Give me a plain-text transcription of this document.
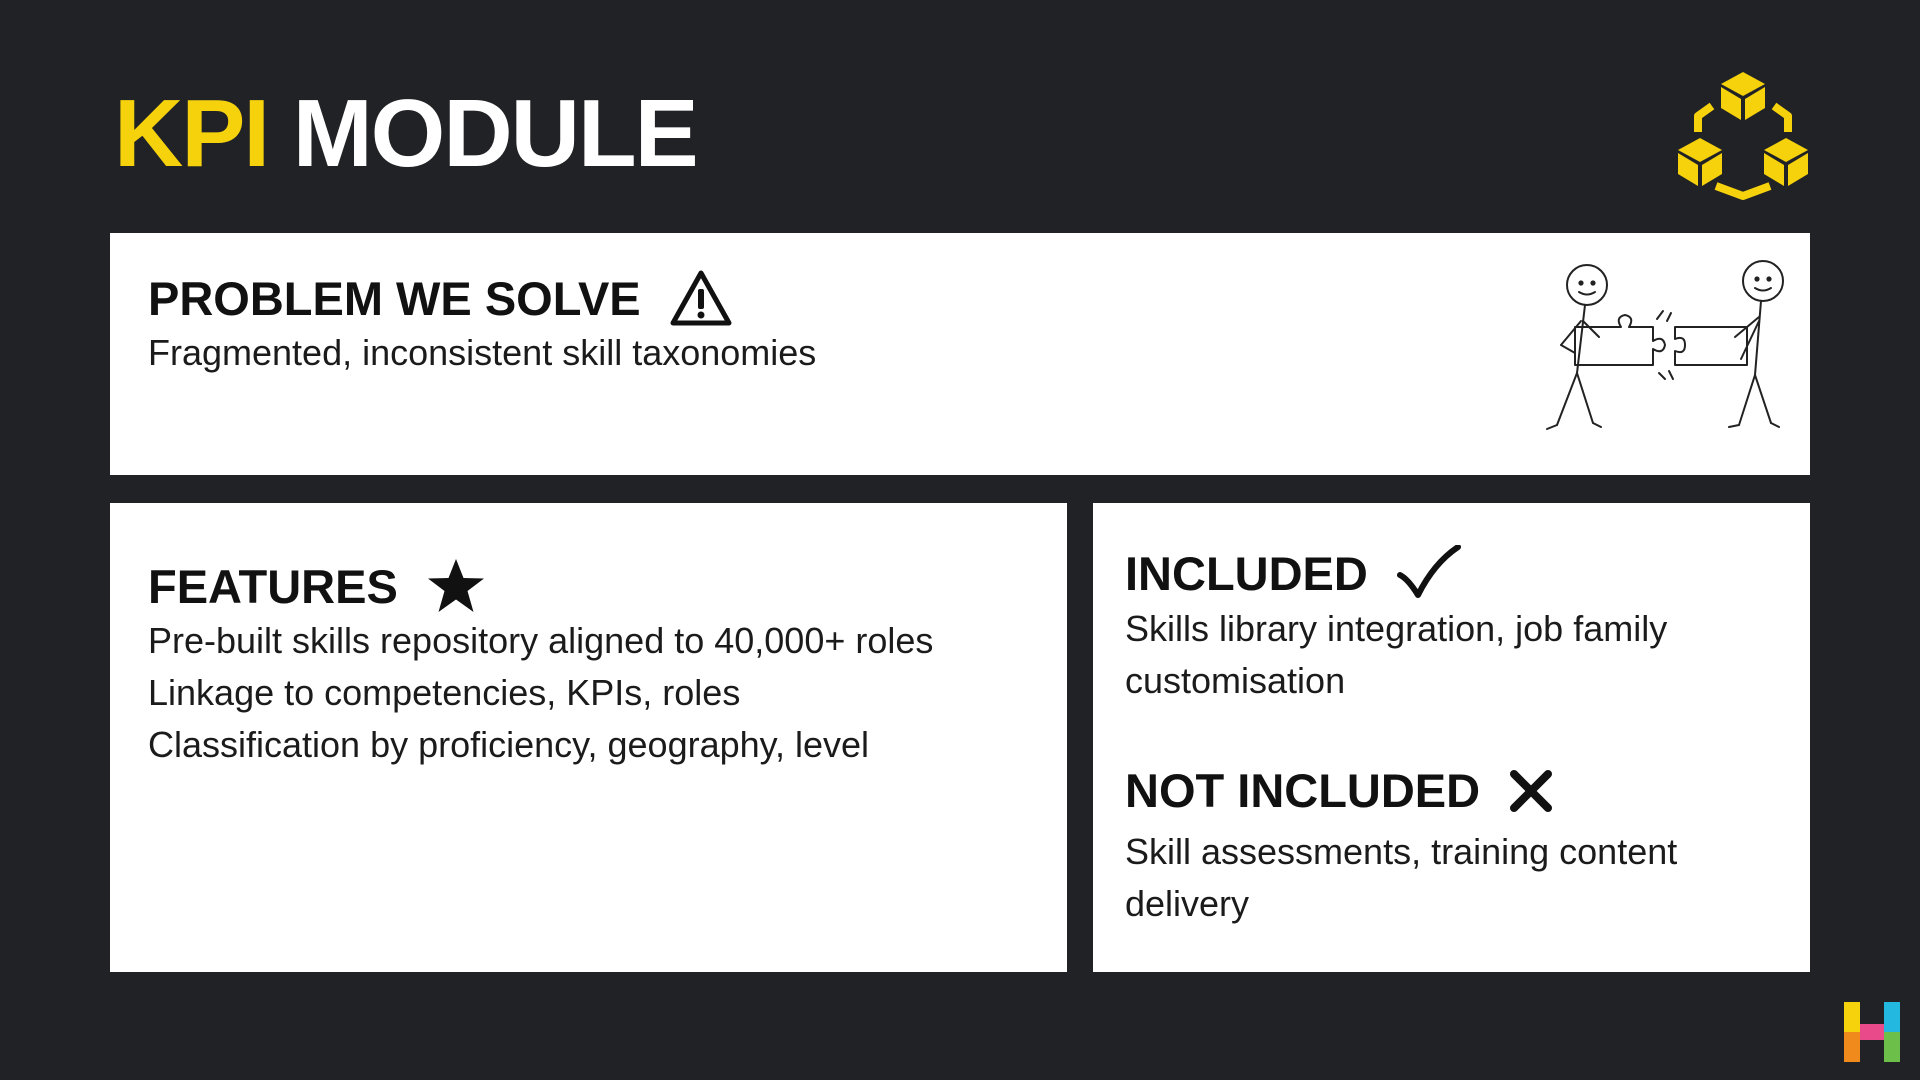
KPI MODULE
PROBLEM WE SOLVE

Fragmented, inconsistent skill taxonomies

FEATURES
Pre-built skills repository aligned to 40,000+ roles
Linkage to competencies, KPIs, roles
Classification by proficiency, geography, level
INCLUDED

Skills library integration, job family customisation

NOT INCLUDED

Skill assessments, training content delivery
